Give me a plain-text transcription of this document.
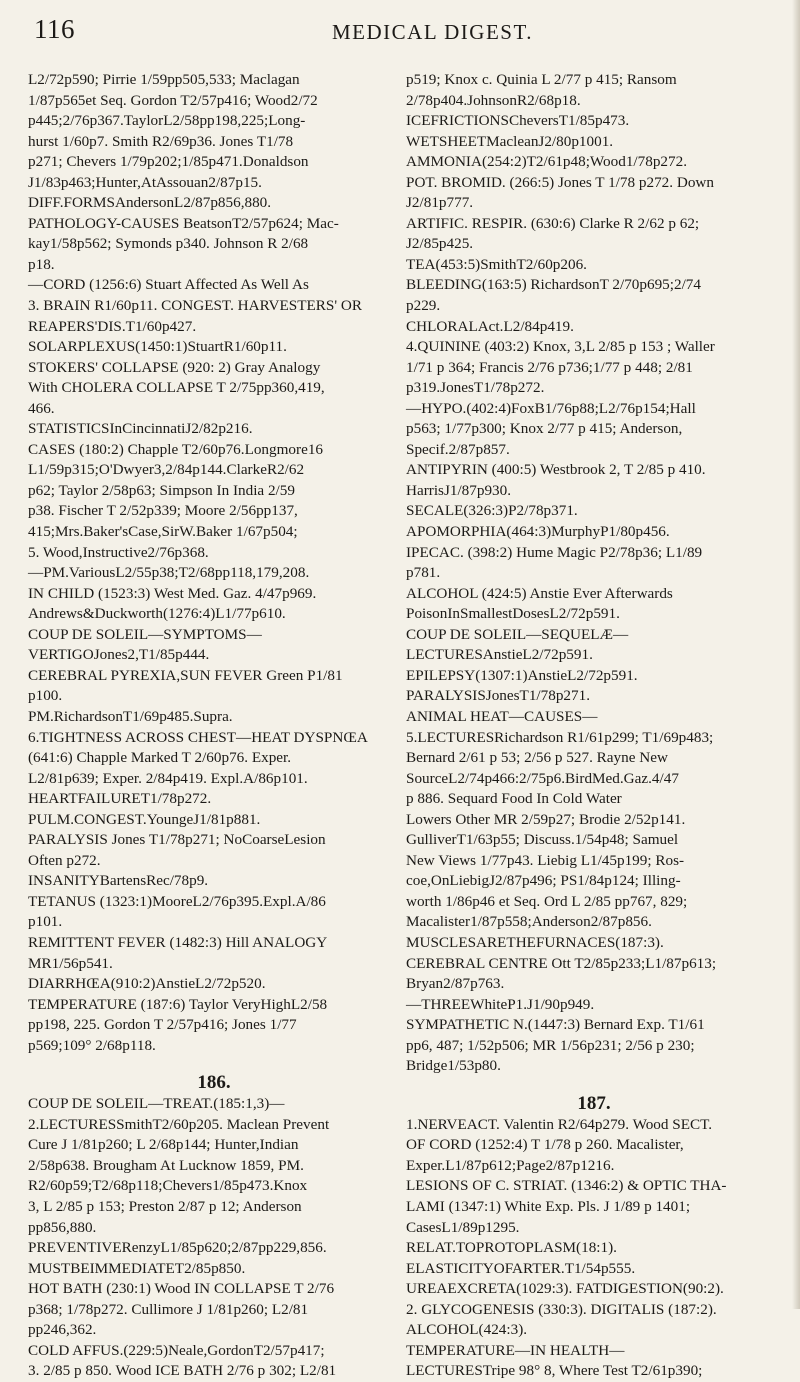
116	MEDICAL DIGEST.
L2/72p590; Pirrie 1/59pp505,533; Maclagan
1/87p565et Seq. Gordon T2/57p416; Wood2/72
p445;2/76p367.TaylorL2/58pp198,225;Long-
hurst 1/60p7. Smith R2/69p36. Jones T1/78
p271; Chevers 1/79p202;1/85p471.Donaldson
J1/83p463;Hunter,AtAssouan2/87p15.
DIFF.FORMSAndersonL2/87p856,880.
PATHOLOGY-CAUSES BeatsonT2/57p624; Mac-
kay1/58p562; Symonds p340. Johnson R 2/68
p18.
—CORD (1256:6) Stuart Affected As Well As
3. BRAIN R1/60p11. CONGEST. HARVESTERS' OR
REAPERS'DIS.T1/60p427.
SOLARPLEXUS(1450:1)StuartR1/60p11.
STOKERS' COLLAPSE (920: 2) Gray Analogy
With CHOLERA COLLAPSE T 2/75pp360,419,
466.
STATISTICSInCincinnatiJ2/82p216.
CASES (180:2) Chapple T2/60p76.Longmore16
L1/59p315;O'Dwyer3,2/84p144.ClarkeR2/62
p62; Taylor 2/58p63; Simpson In India 2/59
p38. Fischer T 2/52p339; Moore 2/56pp137,
415;Mrs.Baker'sCase,SirW.Baker 1/67p504;
5. Wood,Instructive2/76p368.
—PM.VariousL2/55p38;T2/68pp118,179,208.
IN CHILD (1523:3) West Med. Gaz. 4/47p969.
Andrews&Duckworth(1276:4)L1/77p610.
COUP DE SOLEIL—SYMPTOMS—
VERTIGOJones2,T1/85p444.
CEREBRAL PYREXIA,SUN FEVER Green P1/81
p100.
PM.RichardsonT1/69p485.Supra.
6.TIGHTNESS ACROSS CHEST—HEAT DYSPNŒA
(641:6) Chapple Marked T 2/60p76. Exper.
L2/81p639; Exper. 2/84p419. Expl.A/86p101.
HEARTFAILURET1/78p272.
PULM.CONGEST.YoungeJ1/81p881.
PARALYSIS Jones T1/78p271; NoCoarseLesion
Often p272.
INSANITYBartensRec/78p9.
TETANUS (1323:1)MooreL2/76p395.Expl.A/86
p101.
REMITTENT FEVER (1482:3) Hill ANALOGY
MR1/56p541.
DIARRHŒA(910:2)AnstieL2/72p520.
TEMPERATURE (187:6) Taylor VeryHighL2/58
pp198, 225. Gordon T 2/57p416; Jones 1/77
p569;109° 2/68p118.
186.
COUP DE SOLEIL—TREAT.(185:1,3)—
2.LECTURESSmithT2/60p205. Maclean Prevent
Cure J 1/81p260; L 2/68p144; Hunter,Indian
2/58p638. Brougham At Lucknow 1859, PM.
R2/60p59;T2/68p118;Chevers1/85p473.Knox
3, L 2/85 p 153; Preston 2/87 p 12; Anderson
pp856,880.
PREVENTIVERenzyL1/85p620;2/87pp229,856.
MUSTBEIMMEDIATET2/85p850.
HOT BATH (230:1) Wood IN COLLAPSE T 2/76
p368; 1/78p272. Cullimore J 1/81p260; L2/81
pp246,362.
COLD AFFUS.(229:5)Neale,GordonT2/57p417;
3. 2/85 p 850. Wood ICE BATH 2/76 p 302; L2/81
p519; Knox c. Quinia L 2/77 p 415; Ransom
2/78p404.JohnsonR2/68p18.
ICEFRICTIONSCheversT1/85p473.
WETSHEETMacleanJ2/80p1001.
AMMONIA(254:2)T2/61p48;Wood1/78p272.
POT. BROMID. (266:5) Jones T 1/78 p272. Down
J2/81p777.
ARTIFIC. RESPIR. (630:6) Clarke R 2/62 p 62;
J2/85p425.
TEA(453:5)SmithT2/60p206.
BLEEDING(163:5) RichardsonT 2/70p695;2/74
p229.
CHLORALAct.L2/84p419.
4.QUININE (403:2) Knox, 3,L 2/85 p 153 ; Waller
1/71 p 364; Francis 2/76 p736;1/77 p 448; 2/81
p319.JonesT1/78p272.
—HYPO.(402:4)FoxB1/76p88;L2/76p154;Hall
p563; 1/77p300; Knox 2/77 p 415; Anderson,
Specif.2/87p857.
ANTIPYRIN (400:5) Westbrook 2, T 2/85 p 410.
HarrisJ1/87p930.
SECALE(326:3)P2/78p371.
APOMORPHIA(464:3)MurphyP1/80p456.
IPECAC. (398:2) Hume Magic P2/78p36; L1/89
p781.
ALCOHOL (424:5) Anstie Ever Afterwards
PoisonInSmallestDosesL2/72p591.
COUP DE SOLEIL—SEQUELÆ—
LECTURESAnstieL2/72p591.
EPILEPSY(1307:1)AnstieL2/72p591.
PARALYSISJonesT1/78p271.
ANIMAL HEAT—CAUSES—
5.LECTURESRichardson R1/61p299; T1/69p483;
Bernard 2/61 p 53; 2/56 p 527. Rayne New
SourceL2/74p466:2/75p6.BirdMed.Gaz.4/47
p 886. Sequard Food In Cold Water
Lowers Other MR 2/59p27; Brodie 2/52p141.
GulliverT1/63p55; Discuss.1/54p48; Samuel
New Views 1/77p43. Liebig L1/45p199; Ros-
coe,OnLiebigJ2/87p496; PS1/84p124; Illing-
worth 1/86p46 et Seq. Ord L 2/85 pp767, 829;
Macalister1/87p558;Anderson2/87p856.
MUSCLESARETHEFURNACES(187:3).
CEREBRAL CENTRE Ott T2/85p233;L1/87p613;
Bryan2/87p763.
—THREEWhiteP1.J1/90p949.
SYMPATHETIC N.(1447:3) Bernard Exp. T1/61
pp6, 487; 1/52p506; MR 1/56p231; 2/56 p 230;
Bridge1/53p80.
187.
1.NERVEACT. Valentin R2/64p279. Wood SECT.
OF CORD (1252:4) T 1/78 p 260. Macalister,
Exper.L1/87p612;Page2/87p1216.
LESIONS OF C. STRIAT. (1346:2) & OPTIC THA-
LAMI (1347:1) White Exp. Pls. J 1/89 p 1401;
CasesL1/89p1295.
RELAT.TOPROTOPLASM(18:1).
ELASTICITYOFARTER.T1/54p555.
UREAEXCRETA(1029:3). FATDIGESTION(90:2).
2. GLYCOGENESIS (330:3). DIGITALIS (187:2).
ALCOHOL(424:3).
TEMPERATURE—IN HEALTH—
LECTURESTripe 98° 8, Where Test T2/61p390;
